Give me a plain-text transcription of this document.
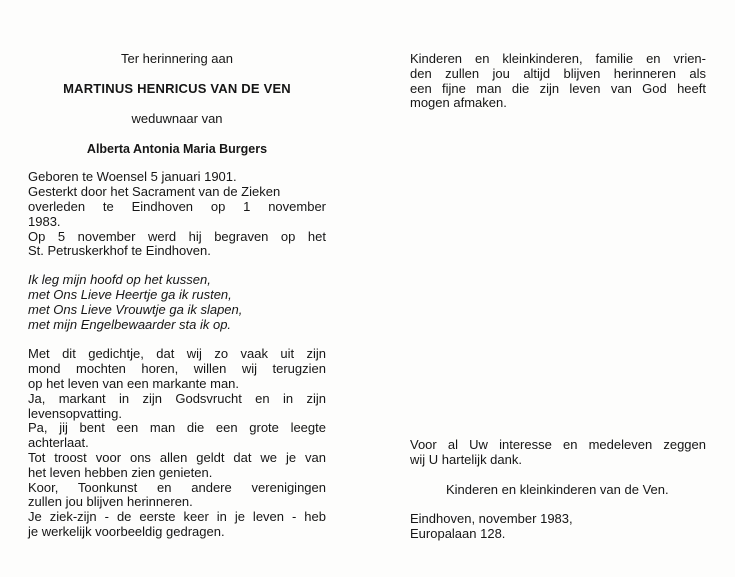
Ter herinnering aan
MARTINUS HENRICUS VAN DE VEN
weduwnaar van
Alberta Antonia Maria Burgers
Geboren te Woensel 5 januari 1901.
Gesterkt door het Sacrament van de Zieken
overleden te Eindhoven op 1 november
1983.
Op 5 november werd hij begraven op het
St. Petruskerkhof te Eindhoven.
Ik leg mijn hoofd op het kussen,
met Ons Lieve Heertje ga ik rusten,
met Ons Lieve Vrouwtje ga ik slapen,
met mijn Engelbewaarder sta ik op.
Met dit gedichtje, dat wij zo vaak uit zijn
mond mochten horen, willen wij terugzien
op het leven van een markante man.
Ja, markant in zijn Godsvrucht en in zijn
levensopvatting.
Pa, jij bent een man die een grote leegte
achterlaat.
Tot troost voor ons allen geldt dat we je van
het leven hebben zien genieten.
Koor, Toonkunst en andere verenigingen
zullen jou blijven herinneren.
Je ziek-zijn - de eerste keer in je leven - heb
je werkelijk voorbeeldig gedragen.
Kinderen en kleinkinderen, familie en vrien-
den zullen jou altijd blijven herinneren als
een fijne man die zijn leven van God heeft
mogen afmaken.
Voor al Uw interesse en medeleven zeggen
wij U hartelijk dank.
Kinderen en kleinkinderen van de Ven.
Eindhoven, november 1983,
Europalaan 128.
